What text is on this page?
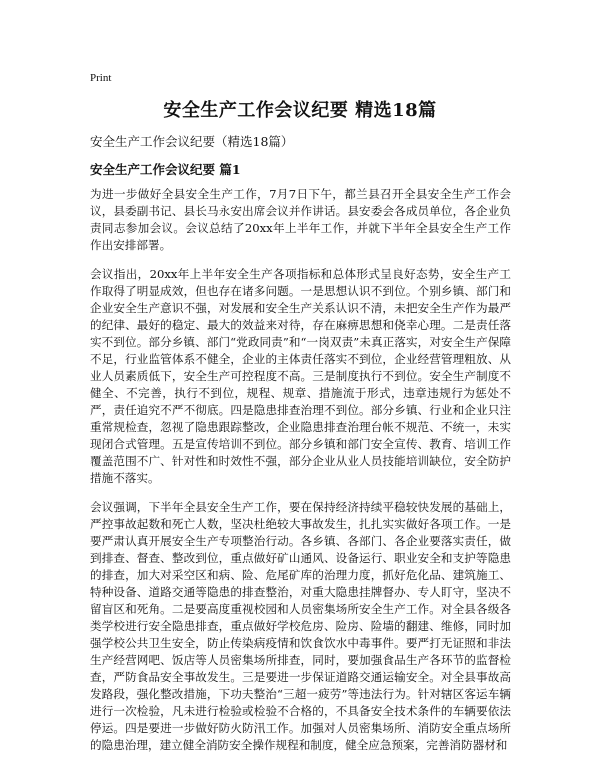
Print
安全生产工作会议纪要 精选18篇

安全生产工作会议纪要（精选18篇）

安全生产工作会议纪要 篇1

为进一步做好全县安全生产工作，7月7日下午，都兰县召开全县安全生产工作会议，县委副书记、县长马永安出席会议并作讲话。县安委会各成员单位，各企业负责同志参加会议。会议总结了20xx年上半年工作，并就下半年全县安全生产工作作出安排部署。

会议指出，20xx年上半年安全生产各项指标和总体形式呈良好态势，安全生产工作取得了明显成效，但也存在诸多问题。一是思想认识不到位。个别乡镇、部门和企业安全生产意识不强，对发展和安全生产关系认识不清，未把安全生产作为最严的纪律、最好的稳定、最大的效益来对待，存在麻痹思想和侥幸心理。二是责任落实不到位。部分乡镇、部门“党政同责”和“一岗双责”未真正落实，对安全生产保障不足，行业监管体系不健全，企业的主体责任落实不到位，企业经营管理粗放、从业人员素质低下，安全生产可控程度不高。三是制度执行不到位。安全生产制度不健全、不完善，执行不到位，规程、规章、措施流于形式，违章违规行为惩处不严，责任追究不严不彻底。四是隐患排查治理不到位。部分乡镇、行业和企业只注重常规检查，忽视了隐患跟踪整改，企业隐患排查治理台帐不规范、不统一，未实现闭合式管理。五是宣传培训不到位。部分乡镇和部门安全宣传、教育、培训工作覆盖范围不广、针对性和时效性不强，部分企业从业人员技能培训缺位，安全防护措施不落实。

会议强调，下半年全县安全生产工作，要在保持经济持续平稳较快发展的基础上，严控事故起数和死亡人数，坚决杜绝较大事故发生，扎扎实实做好各项工作。一是要严肃认真开展安全生产专项整治行动。各乡镇、各部门、各企业要落实责任，做到排查、督查、整改到位，重点做好矿山通风、设备运行、职业安全和支护等隐患的排查，加大对采空区和病、险、危尾矿库的治理力度，抓好危化品、建筑施工、特种设备、道路交通等隐患的排查整治，对重大隐患挂牌督办、专人盯守，坚决不留盲区和死角。二是要高度重视校园和人员密集场所安全生产工作。对全县各级各类学校进行安全隐患排查，重点做好学校危房、险房、险墙的翻建、维修，同时加强学校公共卫生安全，防止传染病疫情和饮食饮水中毒事件。要严打无证照和非法生产经营网吧、饭店等人员密集场所排查，同时，要加强食品生产各环节的监督检查，严防食品安全事故发生。三是要进一步保证道路交通运输安全。对全县事故高发路段，强化整改措施，下功夫整治“三超一疲劳”等违法行为。针对辖区客运车辆进行一次检验，凡未进行检验或检验不合格的，不具备安全技术条件的车辆要依法停运。四是要进一步做好防火防汛工作。加强对人员密集场所、消防安全重点场所的隐患治理，建立健全消防安全操作规程和制度，健全应急预案，完善消防器材和
